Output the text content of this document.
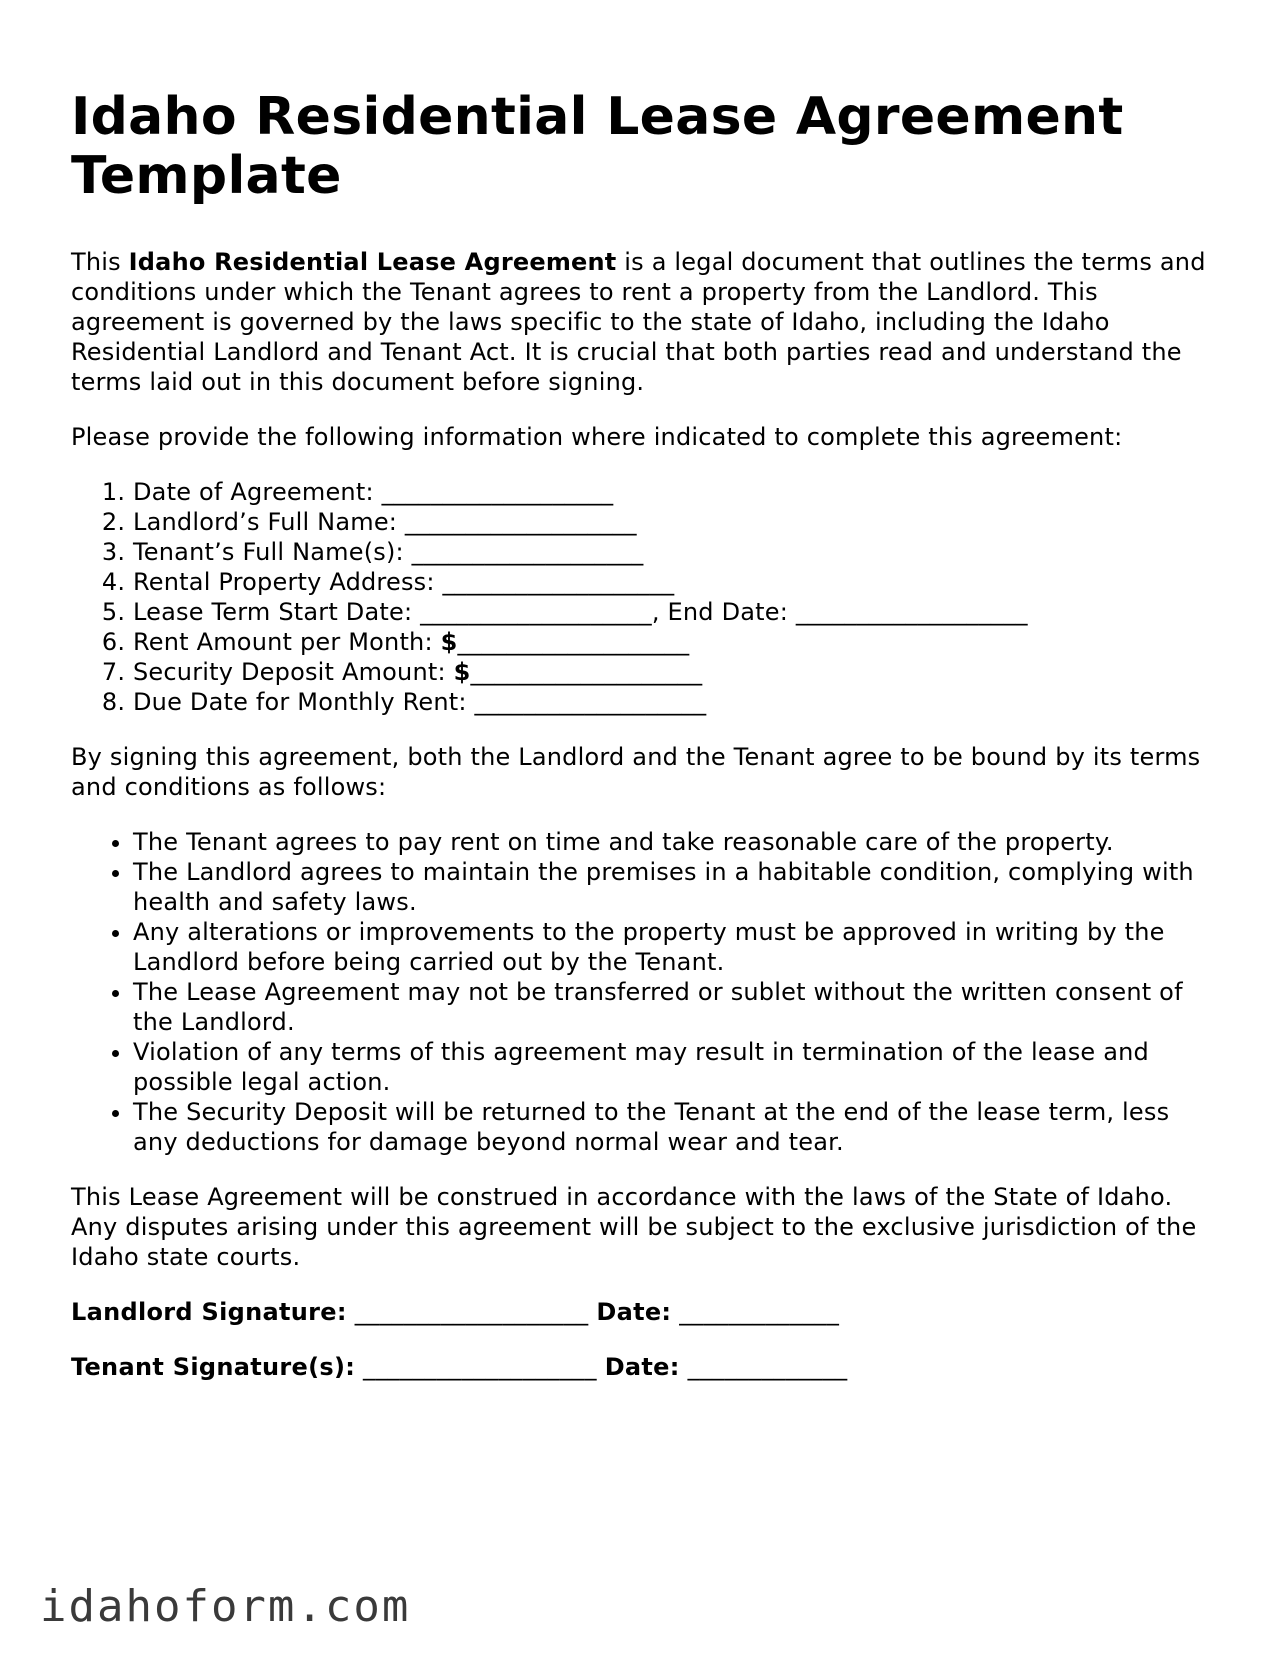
Idaho Residential Lease Agreement Template

This Idaho Residential Lease Agreement is a legal document that outlines the terms and conditions under which the Tenant agrees to rent a property from the Landlord. This agreement is governed by the laws specific to the state of Idaho, including the Idaho Residential Landlord and Tenant Act. It is crucial that both parties read and understand the terms laid out in this document before signing.

Please provide the following information where indicated to complete this agreement:

1. Date of Agreement: ___________________
2. Landlord’s Full Name: ___________________
3. Tenant’s Full Name(s): ___________________
4. Rental Property Address: ___________________
5. Lease Term Start Date: ___________________, End Date: ___________________
6. Rent Amount per Month: $___________________
7. Security Deposit Amount: $___________________
8. Due Date for Monthly Rent: ___________________

By signing this agreement, both the Landlord and the Tenant agree to be bound by its terms and conditions as follows:

• The Tenant agrees to pay rent on time and take reasonable care of the property.
• The Landlord agrees to maintain the premises in a habitable condition, complying with health and safety laws.
• Any alterations or improvements to the property must be approved in writing by the Landlord before being carried out by the Tenant.
• The Lease Agreement may not be transferred or sublet without the written consent of the Landlord.
• Violation of any terms of this agreement may result in termination of the lease and possible legal action.
• The Security Deposit will be returned to the Tenant at the end of the lease term, less any deductions for damage beyond normal wear and tear.

This Lease Agreement will be construed in accordance with the laws of the State of Idaho. Any disputes arising under this agreement will be subject to the exclusive jurisdiction of the Idaho state courts.

Landlord Signature: ___________________ Date: _____________
Tenant Signature(s): ___________________ Date: _____________
idahoform.com
